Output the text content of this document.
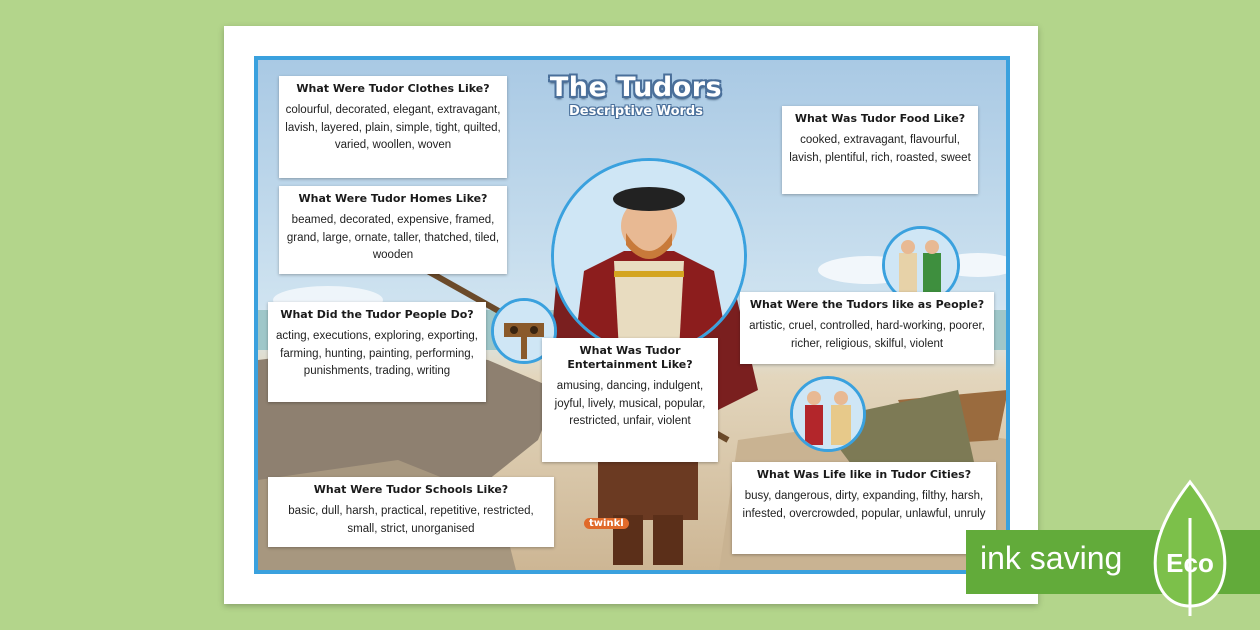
The Tudors
Descriptive Words
twinkl
What Were Tudor Clothes Like?

colourful, decorated, elegant, extravagant, lavish, layered, plain, simple, tight, quilted, varied, woollen, woven

What Were Tudor Homes Like?

beamed, decorated, expensive, framed, grand, large, ornate, taller, thatched, tiled, wooden

What Did the Tudor People Do?

acting, executions, exploring, exporting, farming, hunting, painting, performing, punishments, trading, writing

What Were Tudor Schools Like?

basic, dull, harsh, practical, repetitive, restricted, small, strict, unorganised

What Was Tudor Food Like?

cooked, extravagant, flavourful, lavish, plentiful, rich, roasted, sweet

What Were the Tudors like as People?

artistic, cruel, controlled, hard-working, poorer, richer, religious, skilful, violent

What Was Tudor Entertainment Like?

amusing, dancing, indulgent, joyful, lively, musical, popular, restricted, unfair, violent

What Was Life like in Tudor Cities?

busy, dangerous, dirty, expanding, filthy, harsh, infested, overcrowded, popular, unlawful, unruly

ink saving Eco
